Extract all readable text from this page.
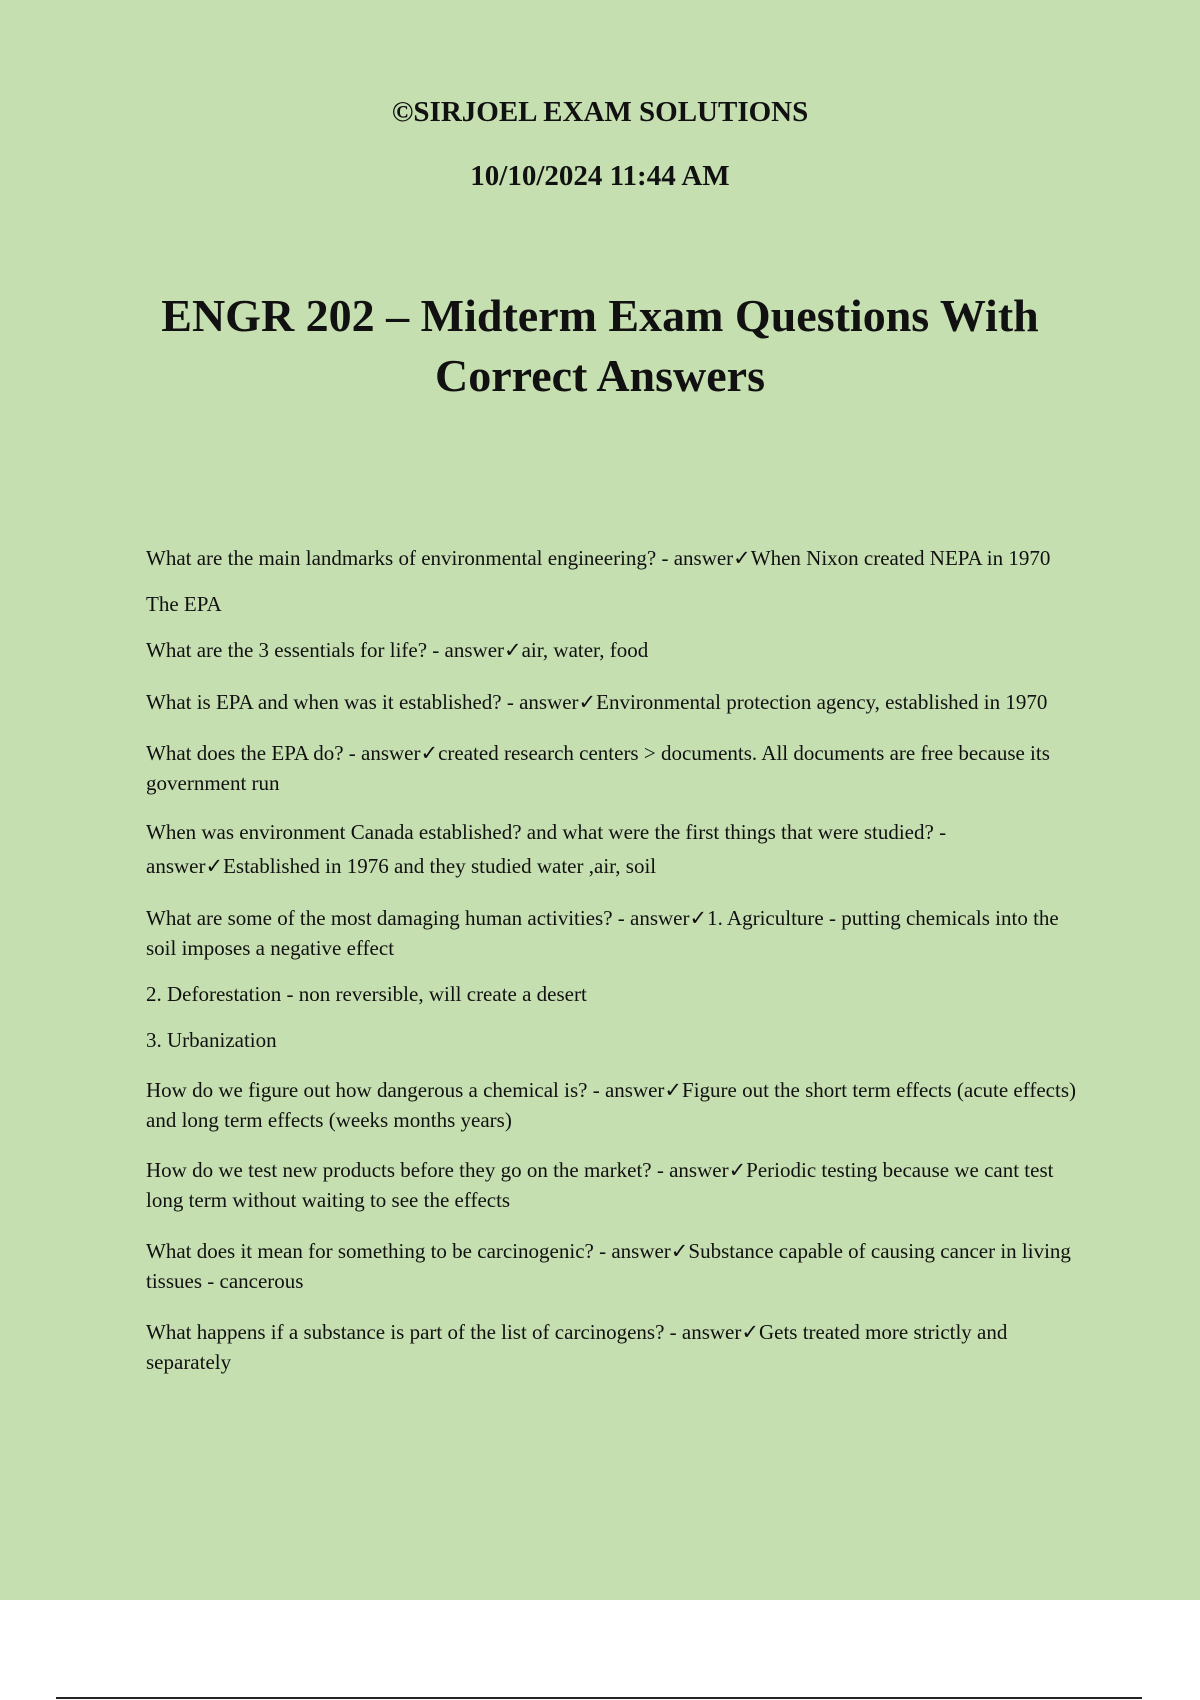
©SIRJOEL EXAM SOLUTIONS

10/10/2024 11:44 AM

ENGR 202 – Midterm Exam Questions With Correct Answers

What are the main landmarks of environmental engineering? - answer✓When Nixon created NEPA in 1970

The EPA

What are the 3 essentials for life? - answer✓air, water, food

What is EPA and when was it established? - answer✓Environmental protection agency, established in 1970

What does the EPA do? - answer✓created research centers > documents. All documents are free because its government run

When was environment Canada established? and what were the first things that were studied? - answer✓Established in 1976 and they studied water ,air, soil

What are some of the most damaging human activities? - answer✓1. Agriculture - putting chemicals into the soil imposes a negative effect

2. Deforestation - non reversible, will create a desert

3. Urbanization

How do we figure out how dangerous a chemical is? - answer✓Figure out the short term effects (acute effects) and long term effects (weeks months years)

How do we test new products before they go on the market? - answer✓Periodic testing because we cant test long term without waiting to see the effects

What does it mean for something to be carcinogenic? - answer✓Substance capable of causing cancer in living tissues - cancerous

What happens if a substance is part of the list of carcinogens? - answer✓Gets treated more strictly and separately
